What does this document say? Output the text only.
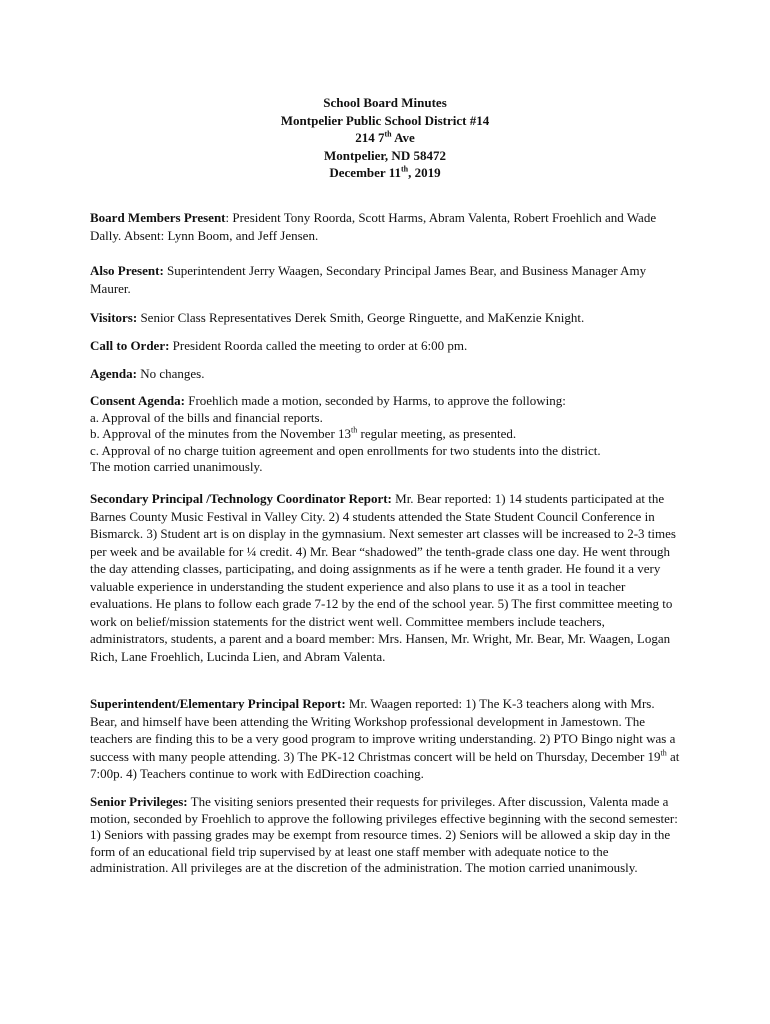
School Board Minutes
Montpelier Public School District #14
214 7th Ave
Montpelier, ND 58472
December 11th, 2019

Board Members Present: President Tony Roorda, Scott Harms, Abram Valenta, Robert Froehlich and Wade Dally. Absent: Lynn Boom, and Jeff Jensen.

Also Present: Superintendent Jerry Waagen, Secondary Principal James Bear, and Business Manager Amy Maurer.

Visitors: Senior Class Representatives Derek Smith, George Ringuette, and MaKenzie Knight.

Call to Order: President Roorda called the meeting to order at 6:00 pm.

Agenda: No changes.

Consent Agenda: Froehlich made a motion, seconded by Harms, to approve the following:
a. Approval of the bills and financial reports.
b. Approval of the minutes from the November 13th regular meeting, as presented.
c. Approval of no charge tuition agreement and open enrollments for two students into the district.
The motion carried unanimously.

Secondary Principal /Technology Coordinator Report: Mr. Bear reported: 1) 14 students participated at the Barnes County Music Festival in Valley City. 2) 4 students attended the State Student Council Conference in Bismarck. 3) Student art is on display in the gymnasium. Next semester art classes will be increased to 2-3 times per week and be available for ¼ credit. 4) Mr. Bear “shadowed” the tenth-grade class one day. He went through the day attending classes, participating, and doing assignments as if he were a tenth grader. He found it a very valuable experience in understanding the student experience and also plans to use it as a tool in teacher evaluations. He plans to follow each grade 7-12 by the end of the school year. 5) The first committee meeting to work on belief/mission statements for the district went well. Committee members include teachers, administrators, students, a parent and a board member: Mrs. Hansen, Mr. Wright, Mr. Bear, Mr. Waagen, Logan Rich, Lane Froehlich, Lucinda Lien, and Abram Valenta.

Superintendent/Elementary Principal Report: Mr. Waagen reported: 1) The K-3 teachers along with Mrs. Bear, and himself have been attending the Writing Workshop professional development in Jamestown. The teachers are finding this to be a very good program to improve writing understanding. 2) PTO Bingo night was a success with many people attending. 3) The PK-12 Christmas concert will be held on Thursday, December 19th at 7:00p. 4) Teachers continue to work with EdDirection coaching.

Senior Privileges: The visiting seniors presented their requests for privileges. After discussion, Valenta made a motion, seconded by Froehlich to approve the following privileges effective beginning with the second semester: 1) Seniors with passing grades may be exempt from resource times. 2) Seniors will be allowed a skip day in the form of an educational field trip supervised by at least one staff member with adequate notice to the administration. All privileges are at the discretion of the administration. The motion carried unanimously.
